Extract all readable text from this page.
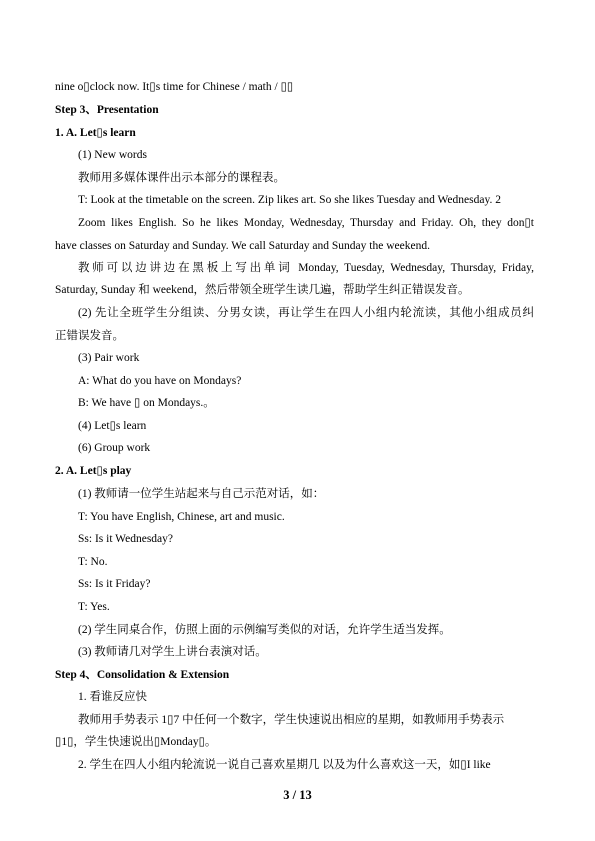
nine o▯clock now. It▯s time for Chinese / math / ▯▯
Step 3、Presentation
1. A. Let▯s learn
(1) New words
教师用多媒体课件出示本部分的课程表。
T: Look at the timetable on the screen. Zip likes art. So she likes Tuesday and Wednesday. 2
Zoom likes English. So he likes Monday, Wednesday, Thursday and Friday. Oh, they don▯t
have classes on Saturday and Sunday. We call Saturday and Sunday the weekend.
教师可以边讲边在黑板上写出单词 Monday, Tuesday, Wednesday, Thursday, Friday,
Saturday, Sunday 和 weekend，然后带领全班学生读几遍，帮助学生纠正错误发音。
(2) 先让全班学生分组读、分男女读，再让学生在四人小组内轮流读，其他小组成员纠
正错误发音。
(3) Pair work
A: What do you have on Mondays?
B: We have ▯ on Mondays.。
(4) Let▯s learn
(6) Group work
2. A. Let▯s play
(1) 教师请一位学生站起来与自己示范对话，如：
T: You have English, Chinese, art and music.
Ss: Is it Wednesday?
T: No.
Ss: Is it Friday?
T: Yes.
(2) 学生同桌合作，仿照上面的示例编写类似的对话，允许学生适当发挥。
(3) 教师请几对学生上讲台表演对话。
Step 4、Consolidation & Extension
1. 看谁反应快
教师用手势表示 1▯7 中任何一个数字，学生快速说出相应的星期，如教师用手势表示
▯1▯，学生快速说出▯Monday▯。
2. 学生在四人小组内轮流说一说自己喜欢星期几 以及为什么喜欢这一天，如▯I like
3 / 13
